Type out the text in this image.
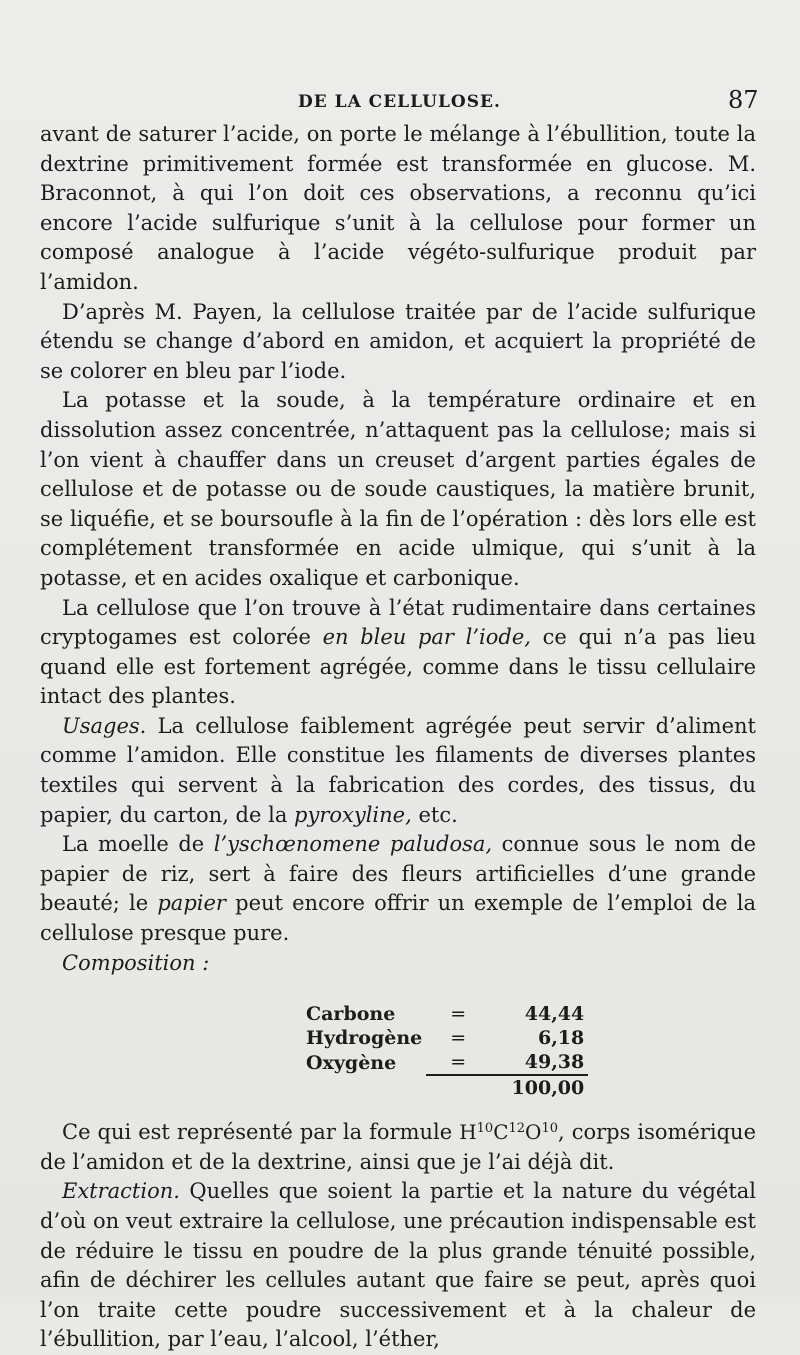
DE LA CELLULOSE.	87

avant de saturer l’acide, on porte le mélange à l’ébullition, toute la dextrine primitivement formée est transformée en glucose. M. Braconnot, à qui l’on doit ces observations, a reconnu qu’ici encore l’acide sulfurique s’unit à la cellulose pour former un composé analogue à l’acide végéto-sulfurique produit par l’amidon.

D’après M. Payen, la cellulose traitée par de l’acide sulfurique étendu se change d’abord en amidon, et acquiert la propriété de se colorer en bleu par l’iode.

La potasse et la soude, à la température ordinaire et en dissolution assez concentrée, n’attaquent pas la cellulose; mais si l’on vient à chauffer dans un creuset d’argent parties égales de cellulose et de potasse ou de soude caustiques, la matière brunit, se liquéfie, et se boursoufle à la fin de l’opération : dès lors elle est complétement transformée en acide ulmique, qui s’unit à la potasse, et en acides oxalique et carbonique.

La cellulose que l’on trouve à l’état rudimentaire dans certaines cryptogames est colorée en bleu par l’iode, ce qui n’a pas lieu quand elle est fortement agrégée, comme dans le tissu cellulaire intact des plantes.

Usages. La cellulose faiblement agrégée peut servir d’aliment comme l’amidon. Elle constitue les filaments de diverses plantes textiles qui servent à la fabrication des cordes, des tissus, du papier, du carton, de la pyroxyline, etc.

La moelle de l’yschœnomene paludosa, connue sous le nom de papier de riz, sert à faire des fleurs artificielles d’une grande beauté; le papier peut encore offrir un exemple de l’emploi de la cellulose presque pure.

Composition :

Carbone	=	44,44
Hydrogène	=	6,18
Oxygène	=	49,38
	100,00	

Ce qui est représenté par la formule $H^{10}C^{12}O^{10}$, corps isomérique de l’amidon et de la dextrine, ainsi que je l’ai déjà dit.

Extraction. Quelles que soient la partie et la nature du végétal d’où on veut extraire la cellulose, une précaution indispensable est de réduire le tissu en poudre de la plus grande ténuité possible, afin de déchirer les cellules autant que faire se peut, après quoi l’on traite cette poudre successivement et à la chaleur de l’ébullition, par l’eau, l’alcool, l’éther,
